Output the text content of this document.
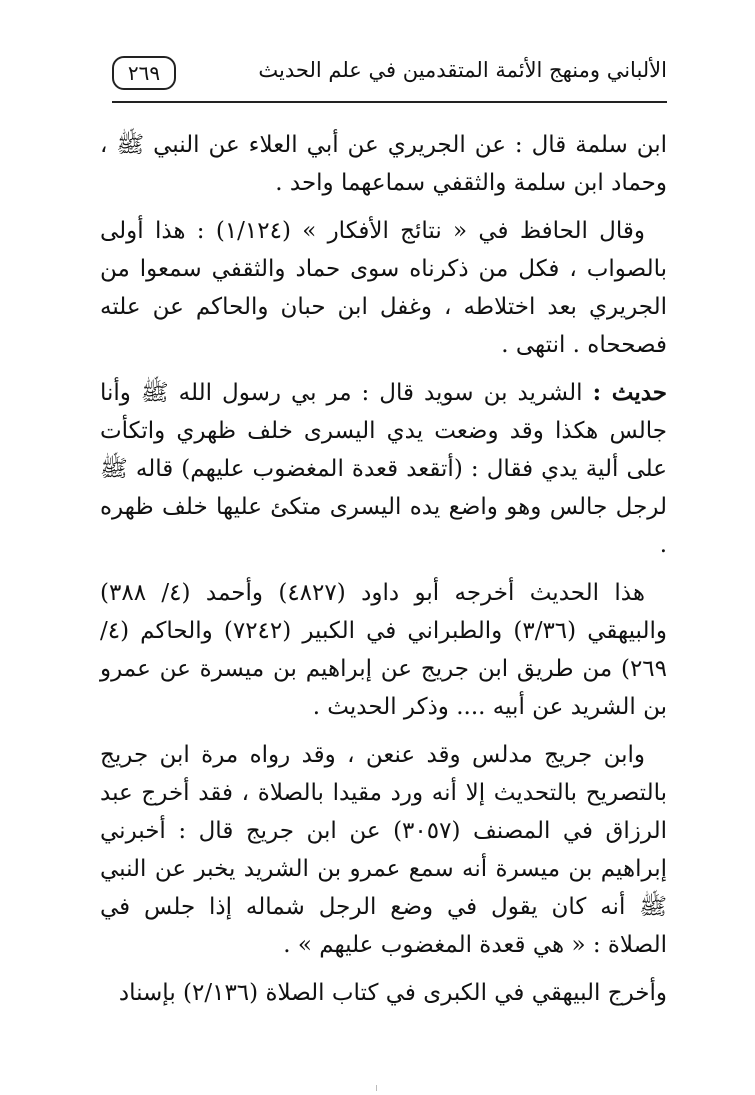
الألباني ومنهج الأئمة المتقدمين في علم الحديث
٢٦٩

ابن سلمة قال : عن الجريري عن أبي العلاء عن النبي ﷺ ، وحماد ابن سلمة والثقفي سماعهما واحد .

وقال الحافظ في « نتائج الأفكار » (١/١٢٤) : هذا أولى بالصواب ، فكل من ذكرناه سوى حماد والثقفي سمعوا من الجريري بعد اختلاطه ، وغفل ابن حبان والحاكم عن علته فصححاه . انتهى .

حديث : الشريد بن سويد قال : مر بي رسول الله ﷺ وأنا جالس هكذا وقد وضعت يدي اليسرى خلف ظهري واتكأت على ألية يدي فقال : (أتقعد قعدة المغضوب عليهم) قاله ﷺ لرجل جالس وهو واضع يده اليسرى متكئ عليها خلف ظهره .

هذا الحديث أخرجه أبو داود (٤٨٢٧) وأحمد (٤/ ٣٨٨) والبيهقي (٣/٣٦) والطبراني في الكبير (٧٢٤٢) والحاكم (٤/ ٢٦٩) من طريق ابن جريج عن إبراهيم بن ميسرة عن عمرو بن الشريد عن أبيه .... وذكر الحديث .

وابن جريج مدلس وقد عنعن ، وقد رواه مرة ابن جريج بالتصريح بالتحديث إلا أنه ورد مقيدا بالصلاة ، فقد أخرج عبد الرزاق في المصنف (٣٠٥٧) عن ابن جريج قال : أخبرني إبراهيم بن ميسرة أنه سمع عمرو بن الشريد يخبر عن النبي ﷺ أنه كان يقول في وضع الرجل شماله إذا جلس في الصلاة : « هي قعدة المغضوب عليهم » .

وأخرج البيهقي في الكبرى في كتاب الصلاة (٢/١٣٦) بإسناد
